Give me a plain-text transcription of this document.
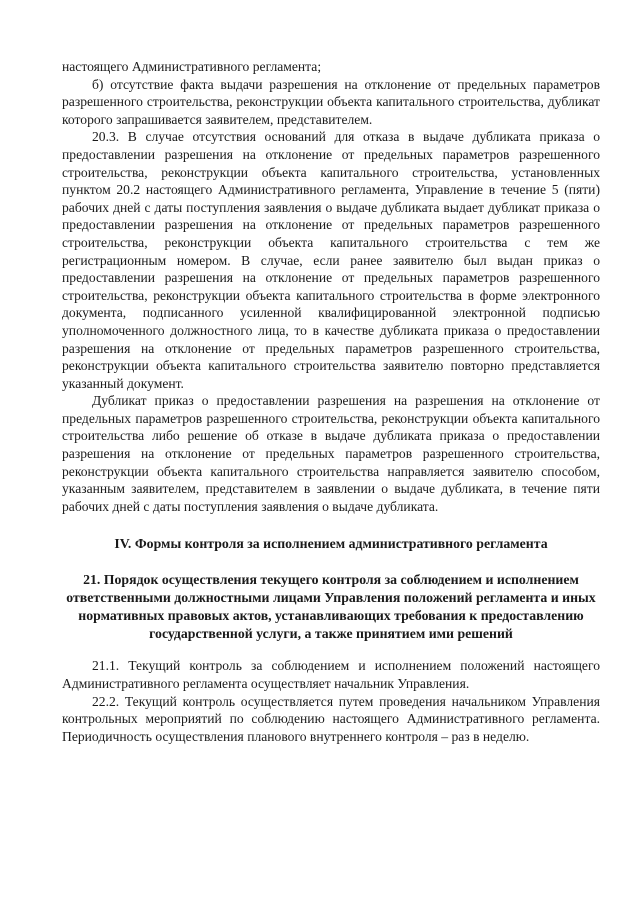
настоящего Административного регламента;

б) отсутствие факта выдачи разрешения на отклонение от предельных параметров разрешенного строительства, реконструкции объекта капитального строительства, дубликат которого запрашивается заявителем, представителем.

20.3. В случае отсутствия оснований для отказа в выдаче дубликата приказа о предоставлении разрешения на отклонение от предельных параметров разрешенного строительства, реконструкции объекта капитального строительства, установленных пунктом 20.2 настоящего Административного регламента, Управление в течение 5 (пяти) рабочих дней с даты поступления заявления о выдаче дубликата выдает дубликат приказа о предоставлении разрешения на отклонение от предельных параметров разрешенного строительства, реконструкции объекта капитального строительства с тем же регистрационным номером. В случае, если ранее заявителю был выдан приказ о предоставлении разрешения на отклонение от предельных параметров разрешенного строительства, реконструкции объекта капитального строительства в форме электронного документа, подписанного усиленной квалифицированной электронной подписью уполномоченного должностного лица, то в качестве дубликата приказа о предоставлении разрешения на отклонение от предельных параметров разрешенного строительства, реконструкции объекта капитального строительства заявителю повторно представляется указанный документ.

Дубликат приказ о предоставлении разрешения на разрешения на отклонение от предельных параметров разрешенного строительства, реконструкции объекта капитального строительства либо решение об отказе в выдаче дубликата приказа о предоставлении разрешения на отклонение от предельных параметров разрешенного строительства, реконструкции объекта капитального строительства направляется заявителю способом, указанным заявителем, представителем в заявлении о выдаче дубликата, в течение пяти рабочих дней с даты поступления заявления о выдаче дубликата.

IV. Формы контроля за исполнением административного регламента
21. Порядок осуществления текущего контроля за соблюдением и исполнением ответственными должностными лицами Управления положений регламента и иных нормативных правовых актов, устанавливающих требования к предоставлению государственной услуги, а также принятием ими решений

21.1. Текущий контроль за соблюдением и исполнением положений настоящего Административного регламента осуществляет начальник Управления.

22.2. Текущий контроль осуществляется путем проведения начальником Управления контрольных мероприятий по соблюдению настоящего Административного регламента. Периодичность осуществления планового внутреннего контроля – раз в неделю.
